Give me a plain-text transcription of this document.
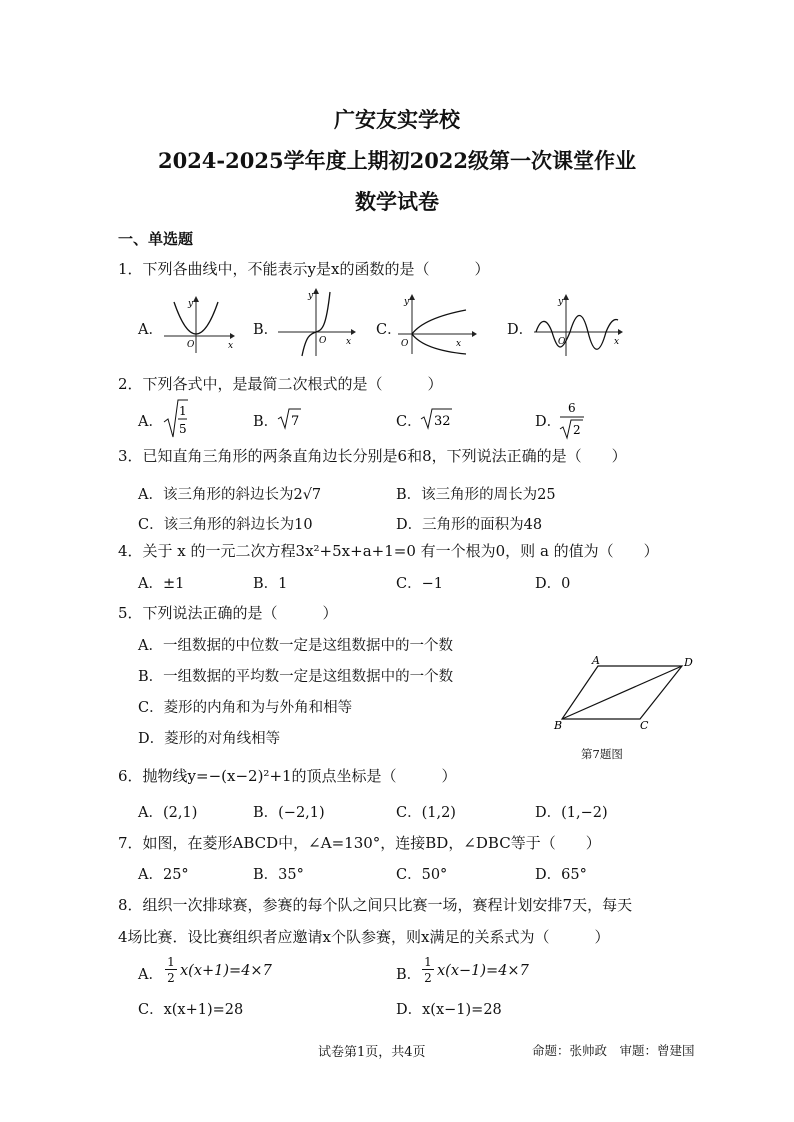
广安友实学校
2024-2025学年度上期初2022级第一次课堂作业
数学试卷
一、单选题
1．下列各曲线中，不能表示y是x的函数的是（　　　）
A．	B．	C．	D．
y
x
O
y
x
O
y
x
O
y
x
O
2．下列各式中，是最简二次根式的是（　　　）
A．
1
5	B． 7	C． 32	D．
6
2
3．已知直角三角形的两条直角边长分别是6和8，下列说法正确的是（　　）
A．该三角形的斜边长为2√7	B．该三角形的周长为25
C．该三角形的斜边长为10	D．三角形的面积为48
4．关于 x 的一元二次方程3x²+5x+a+1=0 有一个根为0，则 a 的值为（　　）
A．±1	B．1	C．−1	D．0
5．下列说法正确的是（　　　）
A．一组数据的中位数一定是这组数据中的一个数
B．一组数据的平均数一定是这组数据中的一个数
C．菱形的内角和为与外角和相等
D．菱形的对角线相等
A	D
B	C
第7题图
6．抛物线y=−(x−2)²+1的顶点坐标是（　　　）
A．(2,1)	B．(−2,1)	C．(1,2)	D．(1,−2)
7．如图，在菱形ABCD中，∠A=130°，连接BD，∠DBC等于（　　）
A．25°	B．35°	C．50°	D．65°
8．组织一次排球赛，参赛的每个队之间只比赛一场，赛程计划安排7天，每天
4场比赛．设比赛组织者应邀请x个队参赛，则x满足的关系式为（　　　）
A．
1
2 x(x+1)=4×7	B．
1
2 x(x−1)=4×7
C．x(x+1)=28	D．x(x−1)=28
试卷第1页，共4页	命题：张帅政　审题：曾建国
